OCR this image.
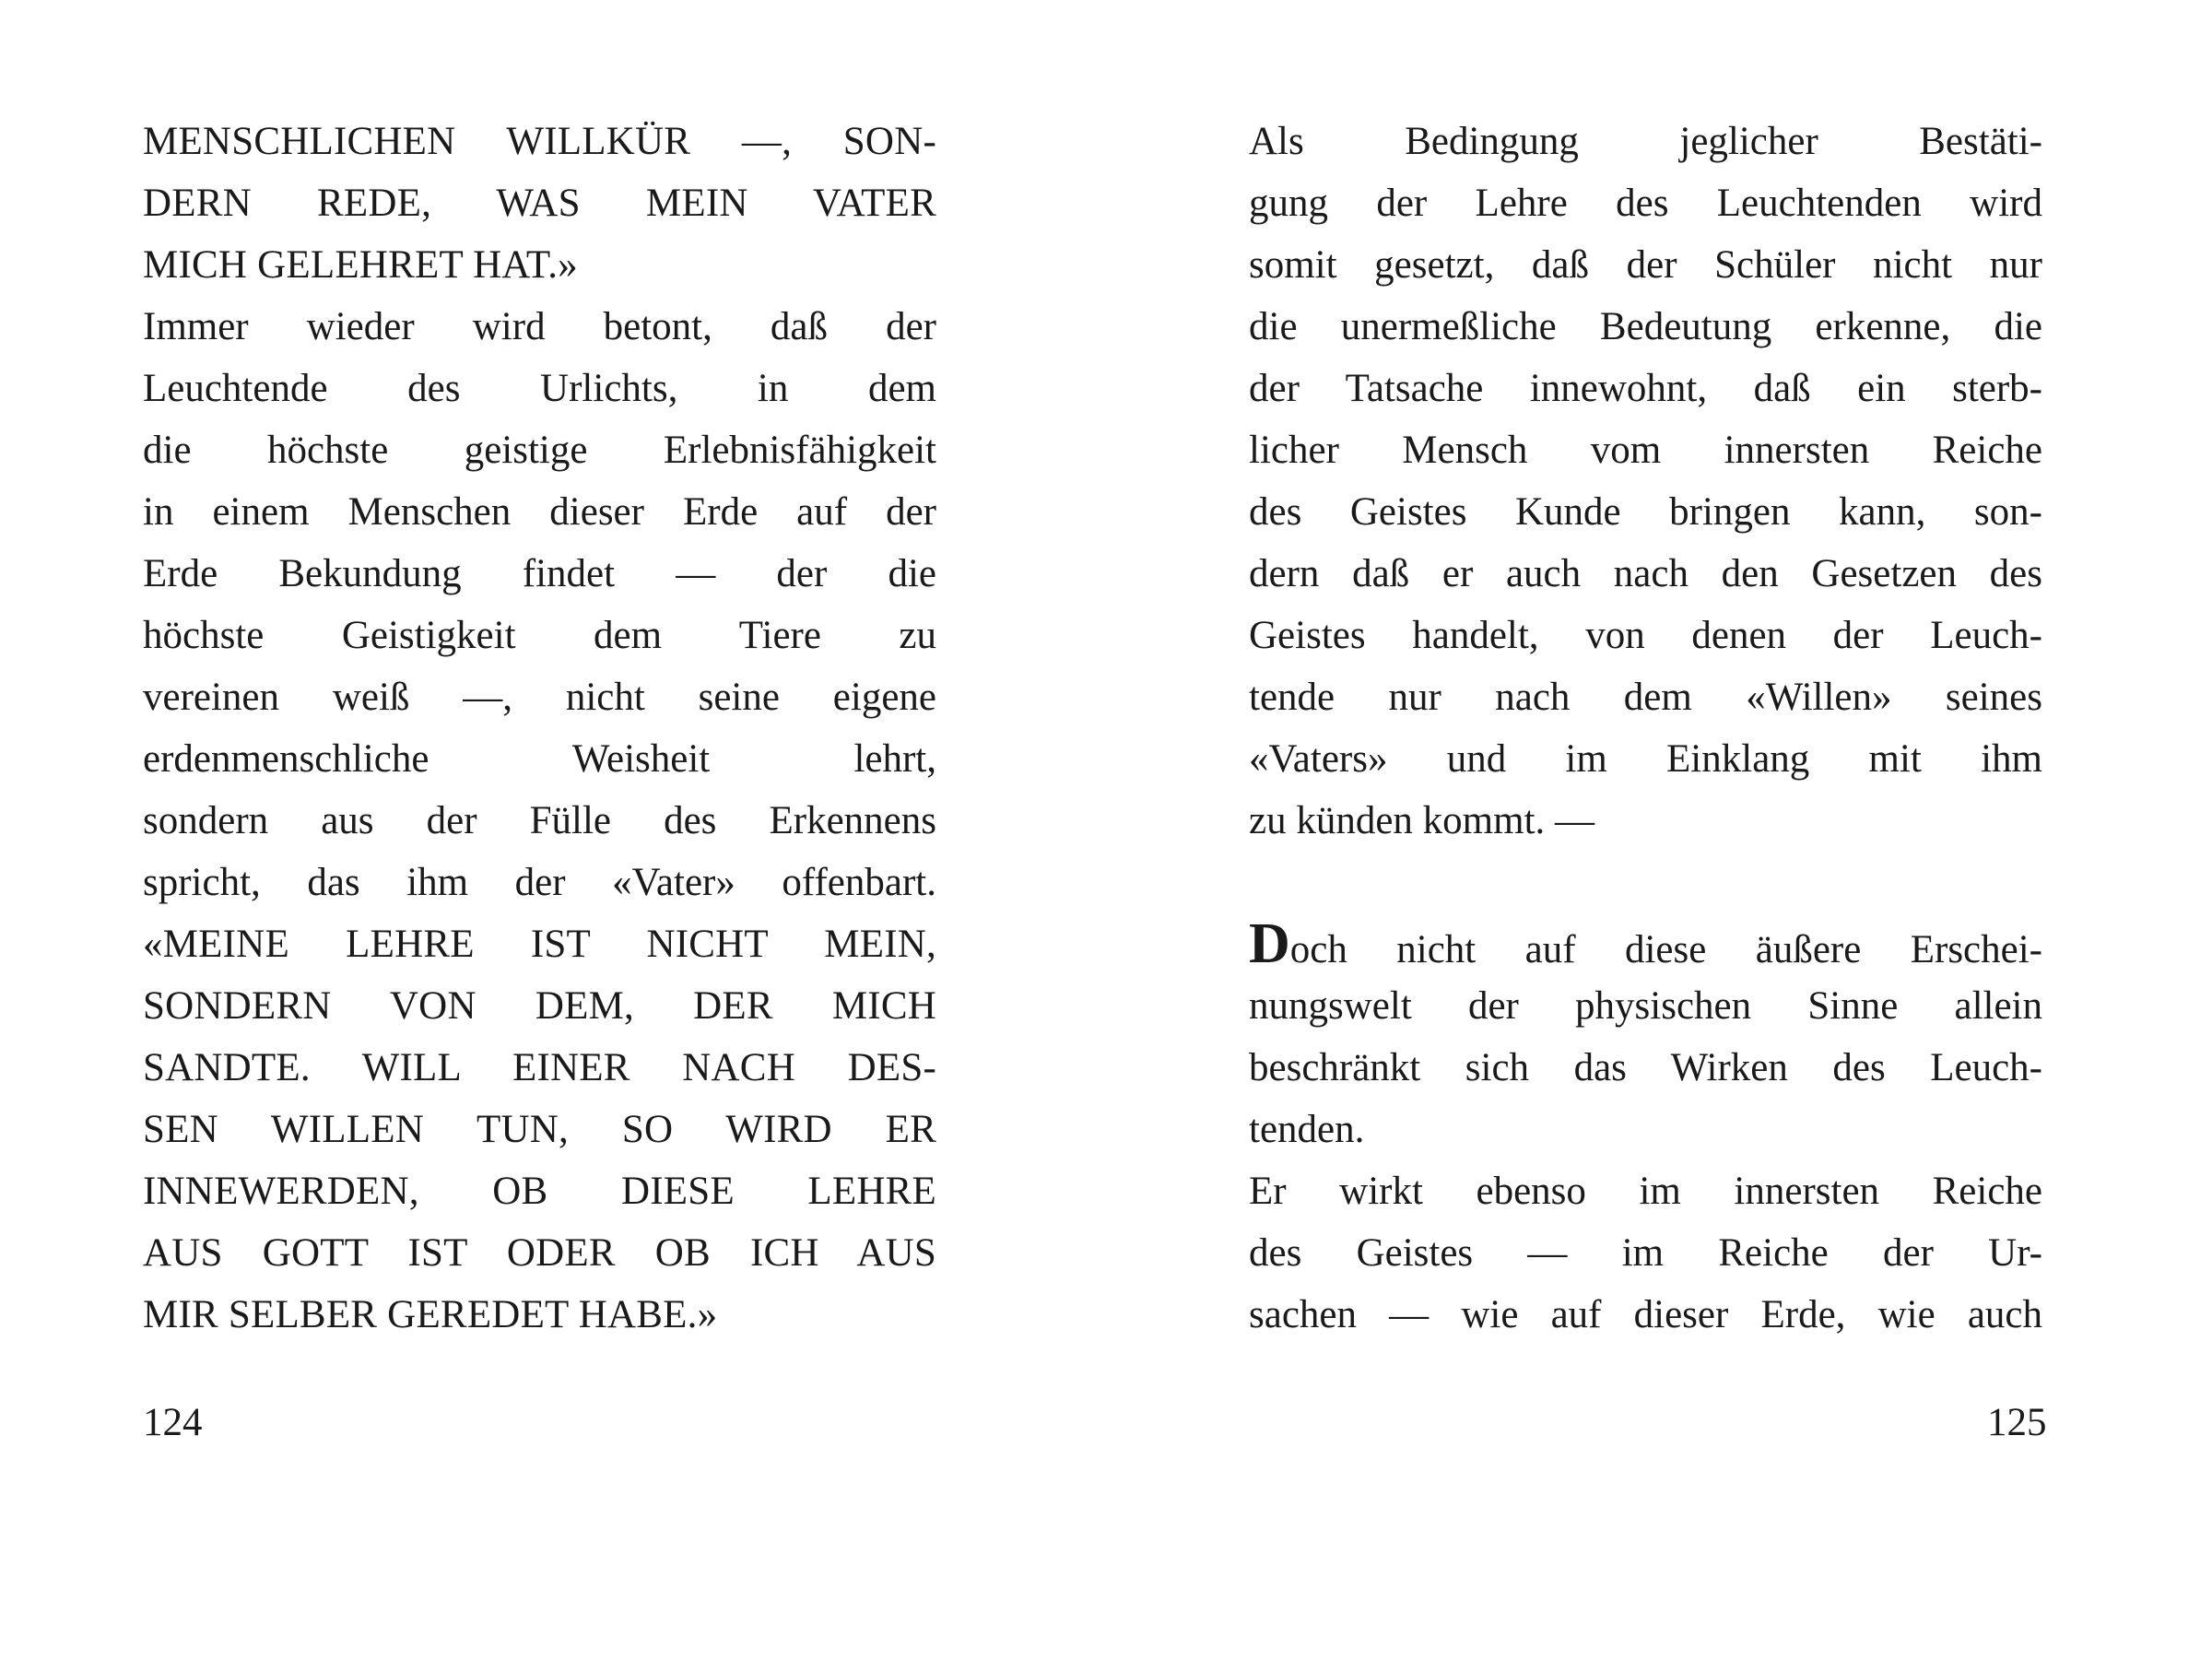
MENSCHLICHEN WILLKÜR —, SON-
DERN REDE, WAS MEIN VATER
MICH GELEHRET HAT.»
Immer wieder wird betont, daß der
Leuchtende des Urlichts, in dem
die höchste geistige Erlebnisfähigkeit
in einem Menschen dieser Erde auf der
Erde Bekundung findet — der die
höchste Geistigkeit dem Tiere zu
vereinen weiß —, nicht seine eigene
erdenmenschliche Weisheit lehrt,
sondern aus der Fülle des Erkennens
spricht, das ihm der «Vater» offenbart.
«MEINE LEHRE IST NICHT MEIN,
SONDERN VON DEM, DER MICH
SANDTE. WILL EINER NACH DES-
SEN WILLEN TUN, SO WIRD ER
INNEWERDEN, OB DIESE LEHRE
AUS GOTT IST ODER OB ICH AUS
MIR SELBER GEREDET HABE.»
Als Bedingung jeglicher Bestäti-
gung der Lehre des Leuchtenden wird
somit gesetzt, daß der Schüler nicht nur
die unermeßliche Bedeutung erkenne, die
der Tatsache innewohnt, daß ein sterb-
licher Mensch vom innersten Reiche
des Geistes Kunde bringen kann, son-
dern daß er auch nach den Gesetzen des
Geistes handelt, von denen der Leuch-
tende nur nach dem «Willen» seines
«Vaters» und im Einklang mit ihm
zu künden kommt. —
Doch nicht auf diese äußere Erschei-
nungswelt der physischen Sinne allein
beschränkt sich das Wirken des Leuch-
tenden.
Er wirkt ebenso im innersten Reiche
des Geistes — im Reiche der Ur-
sachen — wie auf dieser Erde, wie auch
124	125
